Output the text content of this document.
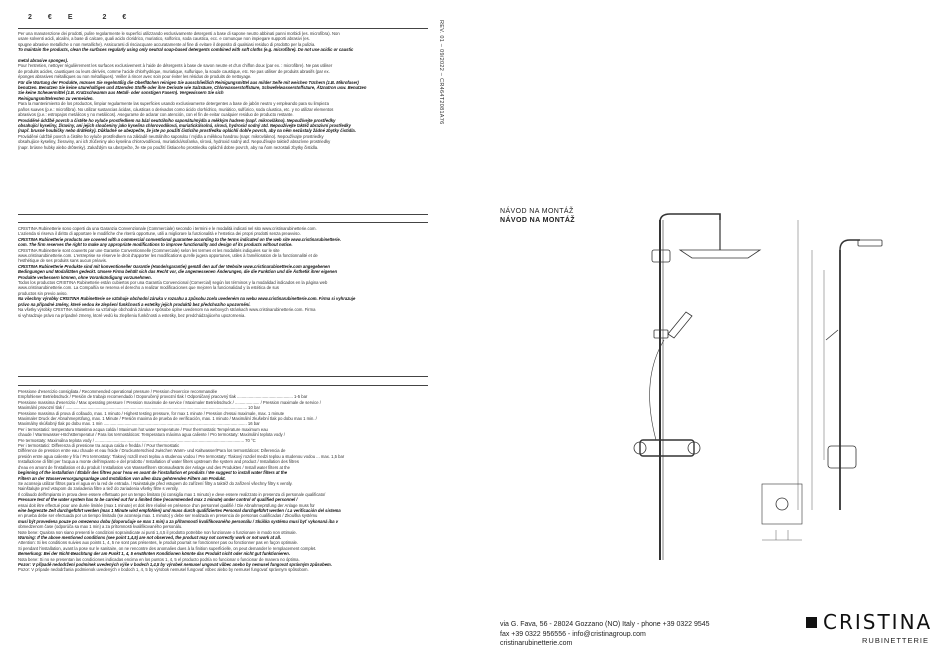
2 € E	2 €

Per una manutenzione dei prodotti, pulire regolarmente le superfici utilizzando esclusivamente detergenti a base di sapone neutro abbinati panni morbidi (es. microfibra). Non

usare solventi acidi, alcalini, a base di calcare, quali acido cloridrico, muriatico, solforico, soda caustica, ecc. e comunque non impiegare supporti abrasivi (es.

spugne abrasive metalliche o non metalliche). Assicurarsi di risciacquare accuratamente al fine di evitare il deposito di qualsiasi residuo di prodotto per la pulizia.

To maintain the products, clean the surfaces regularly using only neutral soap-based detergents combined with soft cloths (e.g. microfibre). Do not use acidic or caustic

metal abrasive sponges).

Pour l'entretien, nettoyer régulièrement les surfaces exclusivement à l'aide de détergents à base de savon neutre et d'un chiffon doux (par ex. : microfibre). Ne pas utiliser

de produits acides, caustiques ou leurs dérivés, comme l'acide chlorhydrique, muriatique, sulfurique, la soude caustique, etc. Ne pas utiliser de produits abrasifs (par ex.

éponges abrasives métalliques ou non métalliques). Veiller à rincer avec soin pour éviter les résidus de produits de nettoyage.

Für die Wartung der Produkte, müssen Sie regelmäßig die Oberflächen reinigen Sie ausschließlich Reinigungsmittel aus milder Seife mit weichen Tüchern (z.B. Mikrofaser)

benutzen. Benutzen Sie keine säurehaltigen und ätzenden Stoffe oder ihre Derivate wie Salzsäure, Chlorwasserstoffsäure, Schwefelwasserstoffsäure, Ätznatron usw. Benutzen

Sie keine Scheuermittel (z.B. Kratzschwamm aus Metall- oder sonstigen Fasern). Vergewissern Sie sich

Reinigungsmittelresten zu vermeiden.

Para la mantenimiento de los productos, limpiar regularmente las superficies usando exclusivamente detergentes a base de jabón neutro y empleando para su limpieza

paños suaves (p.e.: microfibra). No utilizar sustancias ácidas, cáusticas o derivados como ácido clorhídrico, muriático, sulfúrico, soda cáustica, etc. y no utilizar elementos

abrasivos (p.e.: estropajos metálicos y no metálicos). Asegurarse de aclarar con atención, con el fin de evitar cualquier residuo de producto restante.

Prováděné údržbě povrch a čistěte ho vyluče prostředkem na bází neutrálního saponátu/mýdla a měkkým hadrem (např. mikrovlákno). Nepoužívejte prostředky

obsahující kyseliny, žíraviny, ani jejich sloučeniny jako kyselina chlorovodíková, muriatická/solná, sírová, hydroxid sodný atd. Nepoužívejte taktéž abrazivní prostředky

(např. brusné houbičky nebo drátěnky). Důkladně se ubezpečte, že jste po použití čisticího prostředku opláchli dobře povrch, aby na něm nezůstaly žádné zbytky čistidla.

Prováděné údržbě povrch a čistěte ho vyluče prostředkem na základě neutrálního saponátu / mýdla a měkkou handrou (napr. mikrovlákno). Nepoužívajte prostriedky

obsahujúce kyseliny, žieraviny, ani ich zlúčeniny ako kyselina chlorovodíková, muriatická/soľanka, sírová, hydroxid sodný atď. Nepoužívajte taktiež abrazívne prostriedky

(napr. brúsne hubky alebo drôtenky). Zakaždým sa ubezpečte, že ste po použití čistiaceho prostriedku opláchli dobre povrch, aby na ňom nezostali zbytky čistidla.

CRISTINA Rubinetterie sono coperti da una Garanzia Convenzionale (Commerciale) secondo i termini e le modalità indicati nel sito www.cristinarubinetterie.com.

L'azienda si riserva il diritto di apportare le modifiche che riterrà opportune, utili a migliorare la funzionalità e l'estetica dei propri prodotti senza preavviso.

CRISTINA Rubinetterie products are covered with a commercial conventional guarantee according to the terms indicated on the web site www.cristinarubinetterie.

com. The firm reserves the right to make any appropriate modifications to improve functionality and design of its products without notice.

CRISTINA Rubinetterie sont couverts par une Garantie Conventionnelle (Commerciale) selon les termes et les modalités indiquées sur le site

www.cristinarubinetterie.com. L'entreprise se réserve le droit d'apporter les modifications qu'elle jugera opportunes, utiles à l'amélioration de la fonctionnalité et de

l'esthétique de ses produits sans aucun préavis.

CRISTINA Rubinetterie Produkte sind mit konventioneller Garantie (Handelsgarantie) gemäß den auf der Website www.cristinarubinetterie.com angegebenen

Bedingungen und Modalitäten gedeckt. Unsere Firma behält sich das Recht vor, die angemessenen Änderungen, die die Funktion und die Ästhetik ihrer eigenen

Produkte verbessern können, ohne Vorankündigung vorzunehmen.

Todos los productos CRISTINA Rubinetterie están cubiertos por una Garantía Convencional (Comercial) según los términos y la modalidad indicados en la página web

www.cristinarubinetterie.com. La Compañía se reserva el derecho a realizar modificaciones que mejoren la funcionalidad y la estética de sus

productos sin previo aviso.

Na všechny výrobky CRISTINA Rubinetterie se vztahuje obchodní záruka v rozsahu a způsobu zcela uvedeném na webu www.cristinarubinetterie.com. Firma si vyhrazuje

právo na případné změny, které vedou ke zlepšení funkčnosti a estetiky jejich produktů bez předchozího upozornění.

Na všetky výrobky CRISTINA rubinetterie sa vzťahuje obchodná záruka v spôsobe úplne uvedenom na webovych stránkach www.cristinarubinetterie.com. Firma

si vyhradzuje právo na prípadné zmeny, ktoré vedú ku zlepšeniu funkčnosti a estetiky, bez predchádzajúceho upozornenia.

Pressione d'esercizio consigliata / Recommended operational pressure / Pression d'exercice recommandée

Empfohlener Betriebsdruck / Presión de trabajo recomendado / Doporučený provozní tlak / Odporúčaný pracovný tlak ................................................ 1-5 bar

Pressione massima d'esercizio / Max operating pressure / Pression maximale de service / Maximaler Betriebsdruck / ..................... / Pression maximale de service /

Maximální provozní tlak / ............................................................................................................................................................ 10 bar

Pressione massima di prova di collaudo, max. 1 minuto / Highest testing pressure, for max 1 minute / Pression d'essai maximale, max. 1 minute

Maximaler Druck der Abnahmeprüfung, max. 1 Minute / Presión maxima de prueba de verificación, max. 1 minuto / Maximální zkušební tlak po dobu max 1 min. /

Maximálny skúšobný tlak po dobu max. 1 min ........................................................................................................................... 16 bar

Per i termostatici: temperatura Massima acqua calda / Maximum hot water temperature / Pour thermostatic Température maximum eau

chaude / Warmwasser-Höchsttemperatur / Para los termostáticos: Temperatura máxima agua caliente / Pro termostaty: Maximální teplota vody /

Pre termostaty: Maximálna teplota vody / ................................................................................................................................ 70 °C

Per i termostatici: Differenza di pressione tra acqua calda e fredda / / Pour thermostatic

Différence de pression entre eau chaude et eau froide / Druckunterschied zwischen Warm- und Kaltwasser/Para los termostáticos: Diferencia de

presión entre agua caliente y fría / Pro termostaty: Tlakový rozdíl mezi teplou a studenou vodou / Pre termostaty: Tlakový rozdiel medzi teplou a studenou vodou ... max. 1,5 bar

Installazione di filtri per l'acqua a monte dell'impianto e del prodotto / Installation of water filters upstream the system and product / Installation des filtres

d'eau en amont de l'installation et du produit / Installation von Wasserfiltern stromaufwärts der Anlage und des Produktes / Install water filters at the

beginning of the installation / Établir des filtres pour l'eau en avant de l'installation et produits / We suggest to install water filters at the

Filtern an der Wasserversorgungsanlage und Installation von allen dazu gehörenden Filtern am Produkt.

Se aconseja utilizar filtros para el agua en la red de entrada. / Nainstalujte před vstupem do zařízení filtry a taktéž do zařízení všechny filtry s ventily.

Nainštalujte pred vstupom do zariadenia filtre a tiež do zariadenia všetky filtre s ventily.

Il collaudo dell'impianto in prova deve essere effettuato per un tempo limitato (si consiglia max 1 minuto) e deve essere realizzato in presenza di personale qualificato/

Pressure test of the water system has to be carried out for a limited time (recommended max 1 minute) under control of qualified personnel /

essai doit être effectué pour une durée limitée (max 1 minute) et doit être réalisé en présence d'un personnel qualifié / Die Abnahmeprüfung der Anlage muss für

eine begrenzte Zeit durchgeführt werden (max 1 Minute wird empfohlen) und muss durch qualifiziertes Personal durchgeführt werden / La verificación del sistema

en prueba debe ser efectuada por un tiempo limitado (se aconseja max. 1 minuto) y debe ser realizada en presencia de personas cualificadas / Zkouška systému

musí být provedena pouze po omezenou dobu (doporučuje se max 1 min) a za přítomnosti kvalifikovaného personálu / Skúška systému musí byť vykonaná iba v

obmedzenom čase (odporúča sa max 1 min) a za prítomnosti kvalifikovaného personálu.

Note bene: Qualora non siano presenti le condizioni sopraindicate ai punti 1,4,5 il prodotto potrebbe non funzionare o funzionare in modo non ottimale.

Warning: If the above mentioned conditions (see point 1,4,5) are not observed, the product may not correctly work or not work at all.

Attention: Si les conditions suivies aux points 1, 4, 5 ne sont pas présentes, le produit pourrait ne fonctionner pas ou fonctionner pas en façon optimale.

Si pendant l'installation, avant la pose sur le sanitaire, on ne rencontre des anomalies dues à la finition superficielle, on peut demander le remplacement complet.

Bemerkung: Bei der Nicht-Beachtung der am Punkt 1, 4, 5 erwähnten Konditionen könnte das Produkt nicht oder nicht gut funktionieren.

Nota bene: Si no se presentan las condiciones indicadas encima en los puntos 1, 4, 5 el producto podría no funcionar o funcionar de manera no óptima.

Pozor: V případě nedodržení podmínek uvedených výše v bodech 1,4,5 by výrobek nemusel ungovat vůbec anebo by nemusel fungovat správným způsobem.

Pozor: V prípade nedodržania podmienok uvedených v bodoch 1, 4, 5 by výrobok nemusel fungovať vôbec alebo by nemusel fungovať správnym spôsobom.

REV. 01 – 09/2022 – CR464T2081A76
NÁVOD NA MONTÁŽ
NÁVOD NA MONTÁŽ
via G. Fava, 56 - 28024 Gozzano (NO) Italy - phone +39 0322 9545
fax +39 0322 956556 - info@cristinagroup.com
cristinarubinetterie.com
CRISTINA
RUBINETTERIE
